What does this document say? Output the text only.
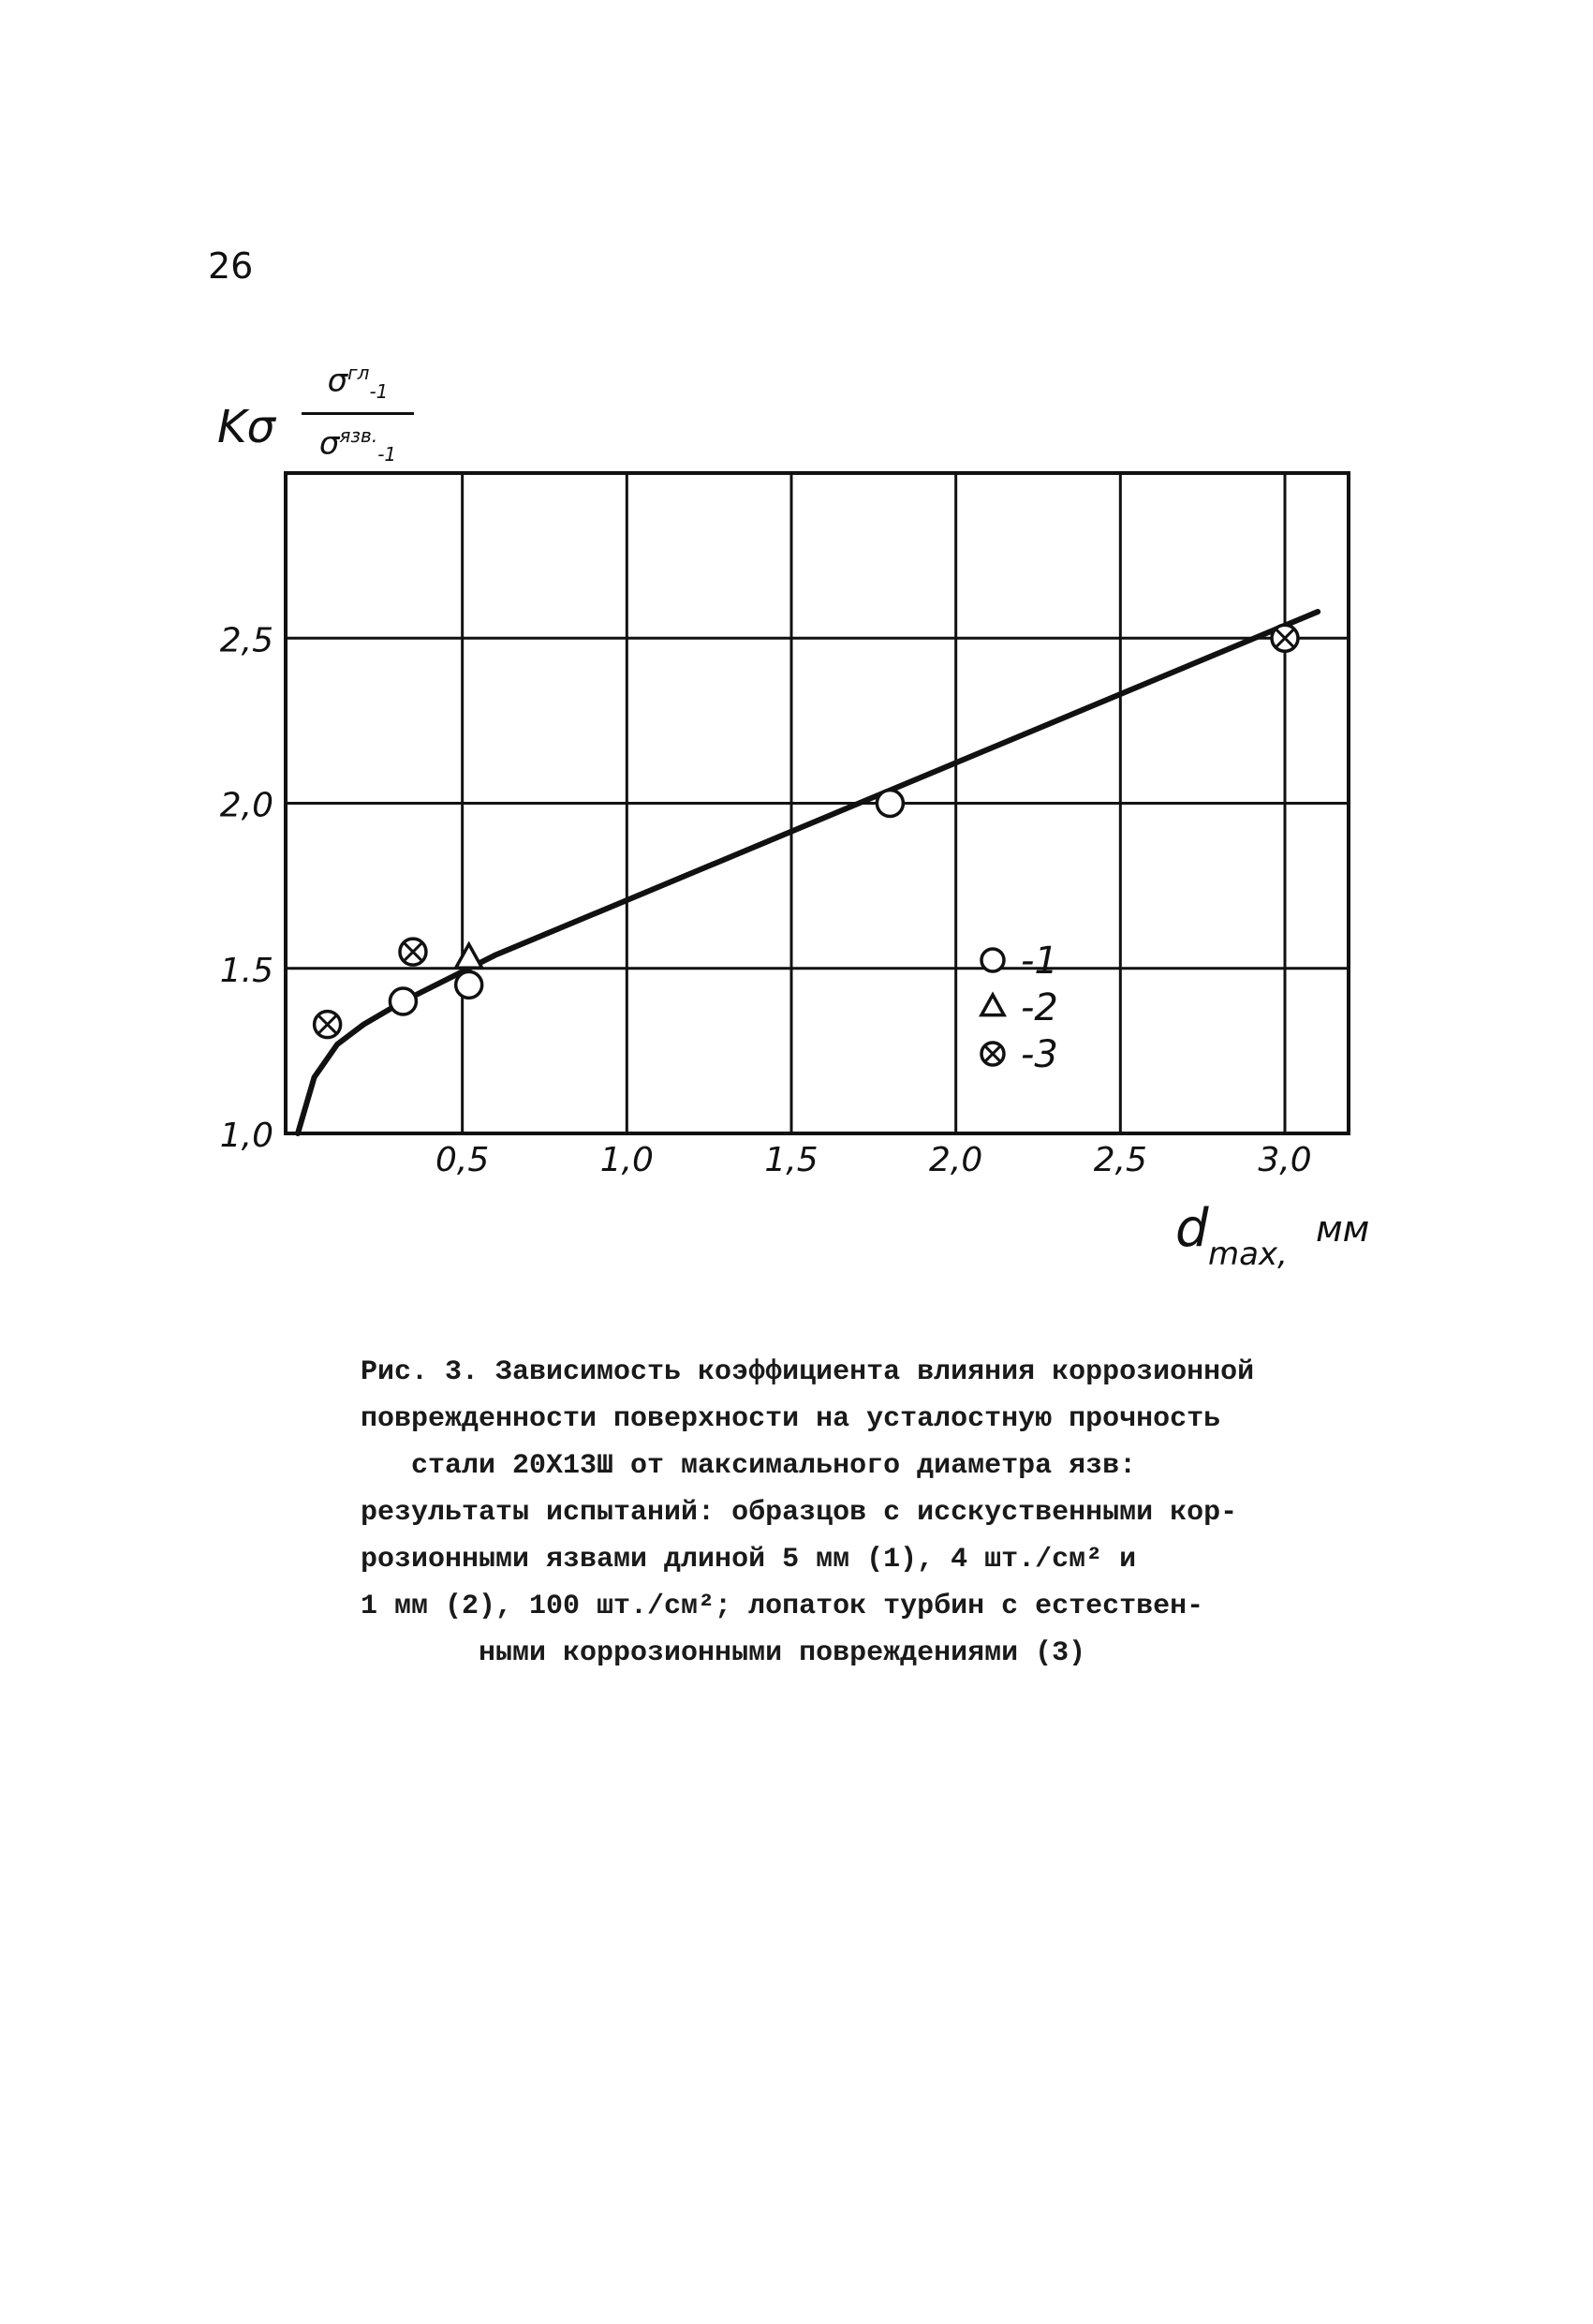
26
Kσ
$\sigma^{гл}_{-1}$
$\sigma^{язв.}_{-1}$
0,5	1,0	1,5	2,0	2,5	3,0
1,0
1.5
2,0
2,5
-1
-2
-3
d max,
мм
Рис. 3. Зависимость коэффициента влияния коррозионной
поврежденности поверхности на усталостную прочность
стали 20Х13Ш от максимального диаметра язв:
результаты испытаний: образцов с исскуственными кор-
розионными язвами длиной 5 мм (1), 4 шт./см² и
1 мм (2), 100 шт./см²; лопаток турбин с естествен-
ными коррозионными повреждениями (3)
